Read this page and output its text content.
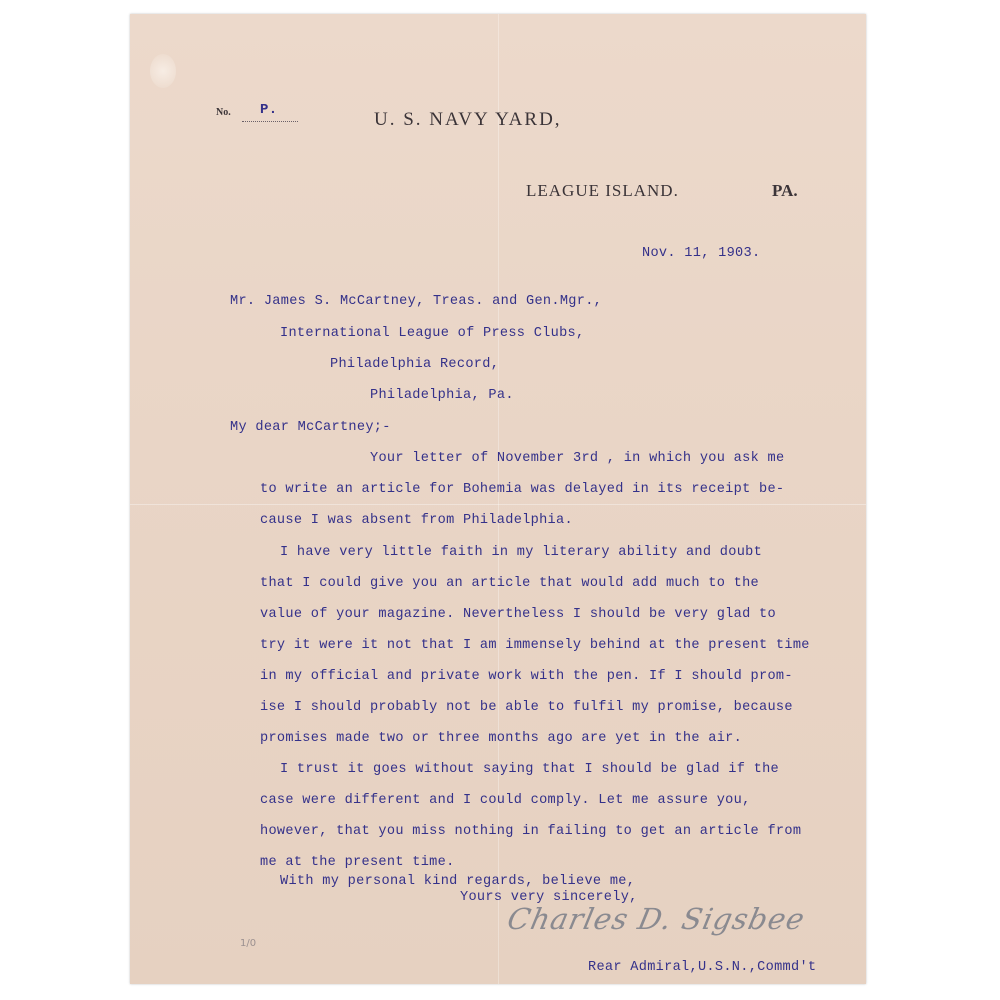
No. P.	U. S. NAVY YARD,
LEAGUE ISLAND.	PA.
Nov. 11, 1903.
Mr. James S. McCartney, Treas. and Gen.Mgr.,
International League of Press Clubs,
Philadelphia Record,
Philadelphia, Pa.
My dear McCartney;-
Your letter of November 3rd , in which you ask me
to write an article for Bohemia was delayed in its receipt be-
cause I was absent from Philadelphia.
I have very little faith in my literary ability and doubt
that I could give you an article that would add much to the
value of your magazine. Nevertheless I should be very glad to
try it were it not that I am immensely behind at the present time
in my official and private work with the pen. If I should prom-
ise I should probably not be able to fulfil my promise, because
promises made two or three months ago are yet in the air.
I trust it goes without saying that I should be glad if the
case were different and I could comply. Let me assure you,
however, that you miss nothing in failing to get an article from
me at the present time.
With my personal kind regards, believe me,
Yours very sincerely,
Charles D. Sigsbee
Rear Admiral,U.S.N.,Commd't
1/0
